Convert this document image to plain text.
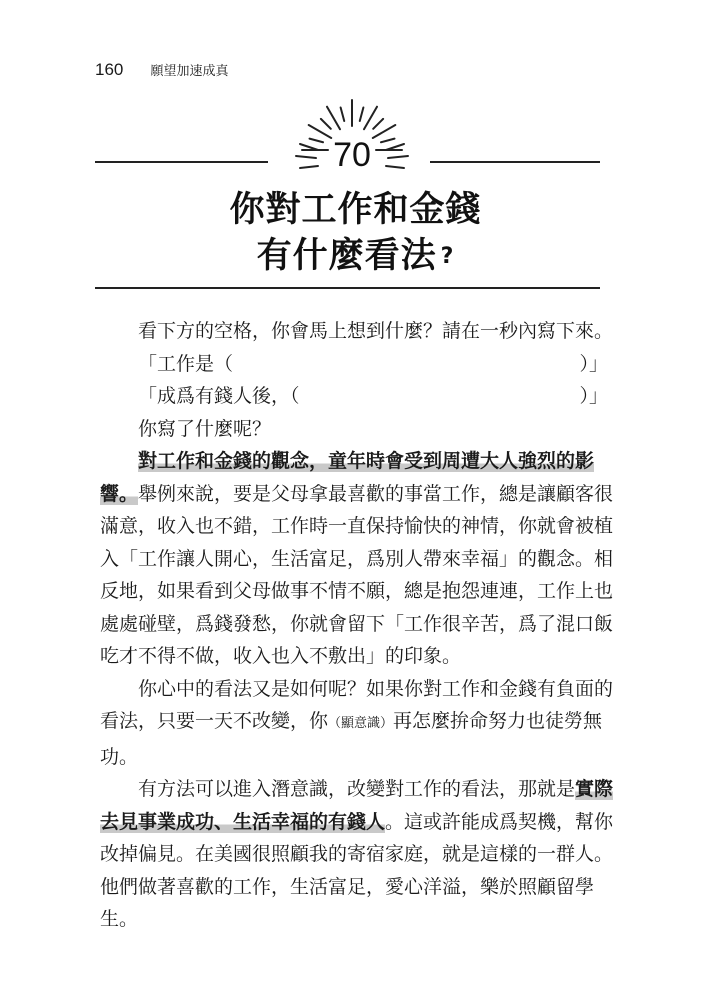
160 願望加速成真
70
你對工作和金錢
有什麼看法 ?

看下方的空格，你會馬上想到什麼？請在一秒內寫下來。

「工作是（	）」

「成爲有錢人後，（	）」

你寫了什麼呢？

對工作和金錢的觀念，童年時會受到周遭大人強烈的影響。舉例來說，要是父母拿最喜歡的事當工作，總是讓顧客很滿意，收入也不錯，工作時一直保持愉快的神情，你就會被植入「工作讓人開心，生活富足，爲別人帶來幸福」的觀念。相反地，如果看到父母做事不情不願，總是抱怨連連，工作上也處處碰壁，爲錢發愁，你就會留下「工作很辛苦，爲了混口飯吃才不得不做，收入也入不敷出」的印象。

你心中的看法又是如何呢？如果你對工作和金錢有負面的看法，只要一天不改變，你（顯意識）再怎麼拚命努力也徒勞無功。

有方法可以進入潛意識，改變對工作的看法，那就是實際去見事業成功、生活幸福的有錢人。這或許能成爲契機，幫你改掉偏見。在美國很照顧我的寄宿家庭，就是這樣的一群人。他們做著喜歡的工作，生活富足，愛心洋溢，樂於照顧留學生。
